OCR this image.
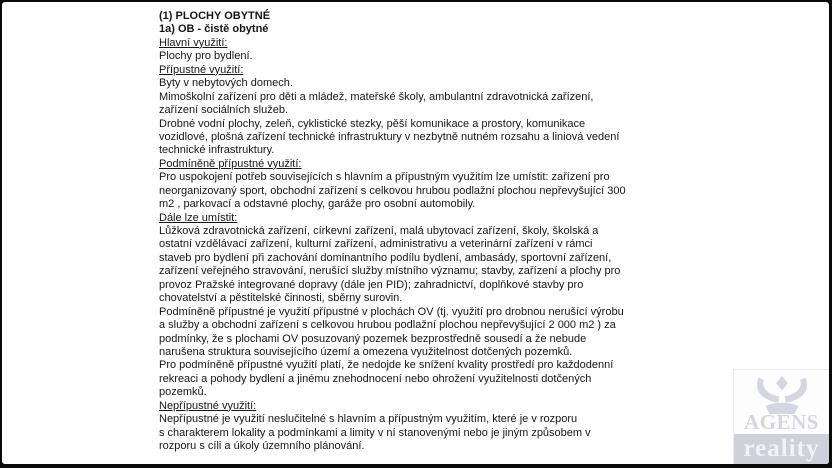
(1) PLOCHY OBYTNÉ
1a) OB - čistě obytné
Hlavní využití:
Plochy pro bydlení.
Přípustné využití:
Byty v nebytových domech.
Mimoškolní zařízení pro děti a mládež, mateřské školy, ambulantní zdravotnická zařízení,
zařízení sociálních služeb.
Drobné vodní plochy, zeleň, cyklistické stezky, pěší komunikace a prostory, komunikace
vozidlové, plošná zařízení technické infrastruktury v nezbytně nutném rozsahu a liniová vedení
technické infrastruktury.
Podmíněně přípustné využití:
Pro uspokojení potřeb souvisejících s hlavním a přípustným využitím lze umístit: zařízení pro
neorganizovaný sport, obchodní zařízení s celkovou hrubou podlažní plochou nepřevyšující 300
m2 , parkovací a odstavné plochy, garáže pro osobní automobily.
Dále lze umístit:
Lůžková zdravotnická zařízení, církevní zařízení, malá ubytovací zařízení, školy, školská a
ostatní vzdělávací zařízení, kulturní zařízení, administrativu a veterinární zařízení v rámci
staveb pro bydlení při zachování dominantního podílu bydlení, ambasády, sportovní zařízení,
zařízení veřejného stravování, nerušící služby místního významu; stavby, zařízení a plochy pro
provoz Pražské integrované dopravy (dále jen PID); zahradnictví, doplňkové stavby pro
chovatelství a pěstitelské činnosti, sběrny surovin.
Podmíněně přípustné je využití přípustné v plochách OV (tj. využití pro drobnou nerušící výrobu
a služby a obchodní zařízení s celkovou hrubou podlažní plochou nepřevyšující 2 000 m2 ) za
podmínky, že s plochami OV posuzovaný pozemek bezprostředně sousedí a že nebude
narušena struktura souvisejícího území a omezena využitelnost dotčených pozemků.
Pro podmíněně přípustné využití platí, že nedojde ke snížení kvality prostředí pro každodenní
rekreaci a pohody bydlení a jinému znehodnocení nebo ohrožení využitelnosti dotčených
pozemků.
Nepřípustné využití:
Nepřípustné je využití neslučitelné s hlavním a přípustným využitím, které je v rozporu
s charakterem lokality a podmínkami a limity v ní stanovenými nebo je jiným způsobem v
rozporu s cíli a úkoly územního plánování.
AGENS
reality
